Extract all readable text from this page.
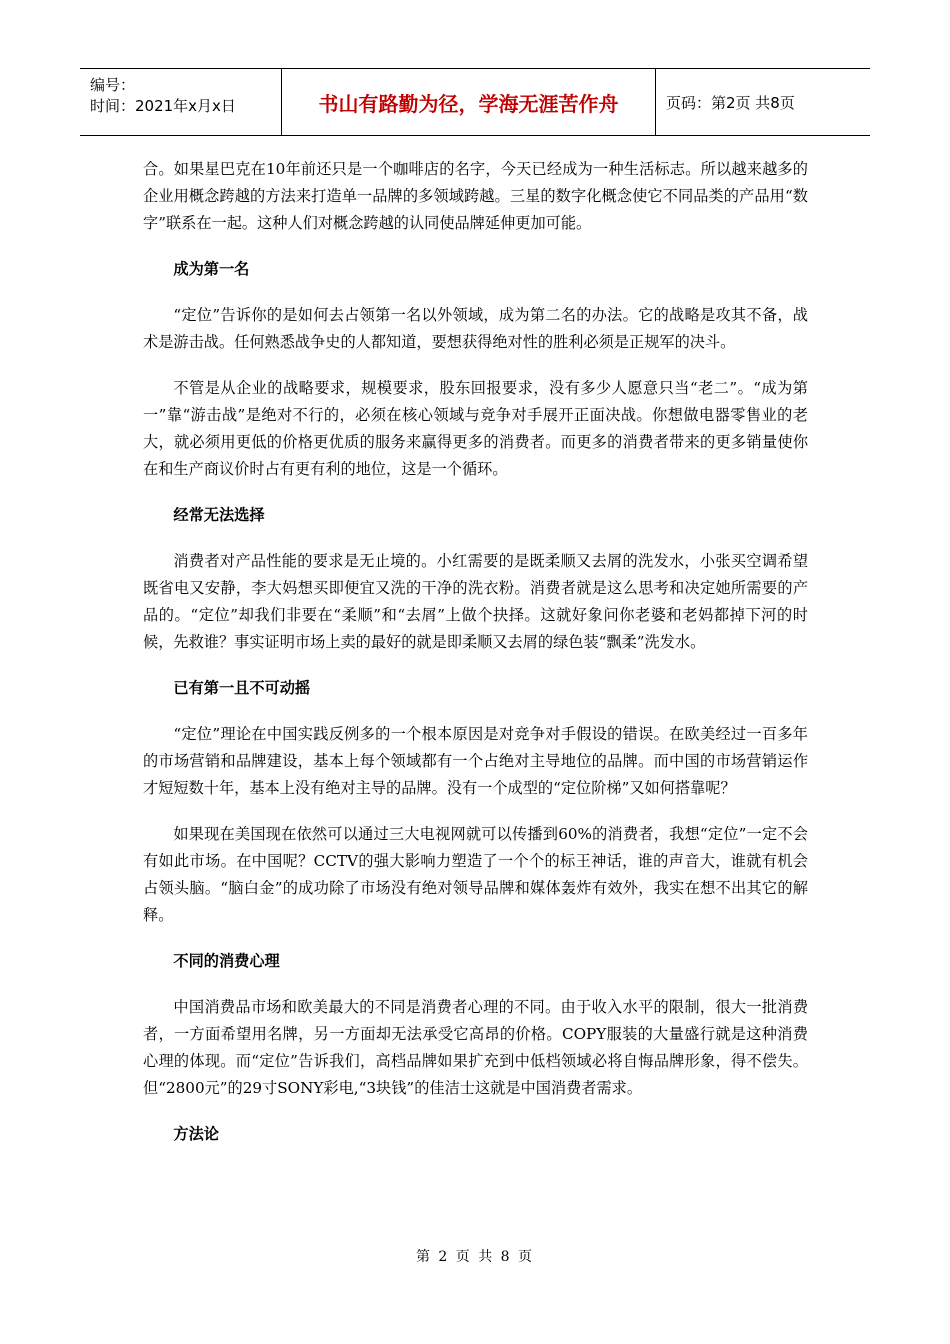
编号：
时间：2021年x月x日	书山有路勤为径，学海无涯苦作舟	页码：第2页 共8页

合。如果星巴克在10年前还只是一个咖啡店的名字，今天已经成为一种生活标志。所以越来越多的企业用概念跨越的方法来打造单一品牌的多领域跨越。三星的数字化概念使它不同品类的产品用“数字”联系在一起。这种人们对概念跨越的认同使品牌延伸更加可能。

成为第一名

“定位”告诉你的是如何去占领第一名以外领域，成为第二名的办法。它的战略是攻其不备，战术是游击战。任何熟悉战争史的人都知道，要想获得绝对性的胜利必须是正规军的决斗。

不管是从企业的战略要求，规模要求，股东回报要求，没有多少人愿意只当“老二”。“成为第一”靠“游击战”是绝对不行的，必须在核心领域与竞争对手展开正面决战。你想做电器零售业的老大，就必须用更低的价格更优质的服务来赢得更多的消费者。而更多的消费者带来的更多销量使你在和生产商议价时占有更有利的地位，这是一个循环。

经常无法选择

消费者对产品性能的要求是无止境的。小红需要的是既柔顺又去屑的洗发水，小张买空调希望既省电又安静，李大妈想买即便宜又洗的干净的洗衣粉。消费者就是这么思考和决定她所需要的产品的。“定位”却我们非要在“柔顺”和“去屑”上做个抉择。这就好象问你老婆和老妈都掉下河的时候，先救谁？事实证明市场上卖的最好的就是即柔顺又去屑的绿色装“飘柔”洗发水。

已有第一且不可动摇

“定位”理论在中国实践反例多的一个根本原因是对竞争对手假设的错误。在欧美经过一百多年的市场营销和品牌建设，基本上每个领域都有一个占绝对主导地位的品牌。而中国的市场营销运作才短短数十年，基本上没有绝对主导的品牌。没有一个成型的“定位阶梯”又如何搭靠呢？

如果现在美国现在依然可以通过三大电视网就可以传播到60%的消费者，我想“定位”一定不会有如此市场。在中国呢？CCTV的强大影响力塑造了一个个的标王神话，谁的声音大，谁就有机会占领头脑。“脑白金”的成功除了市场没有绝对领导品牌和媒体轰炸有效外，我实在想不出其它的解释。

不同的消费心理

中国消费品市场和欧美最大的不同是消费者心理的不同。由于收入水平的限制，很大一批消费者，一方面希望用名牌，另一方面却无法承受它高昂的价格。COPY服装的大量盛行就是这种消费心理的体现。而“定位”告诉我们，高档品牌如果扩充到中低档领域必将自悔品牌形象，得不偿失。但“2800元”的29寸SONY彩电,“3块钱”的佳洁士这就是中国消费者需求。

方法论
第 2 页 共 8 页
